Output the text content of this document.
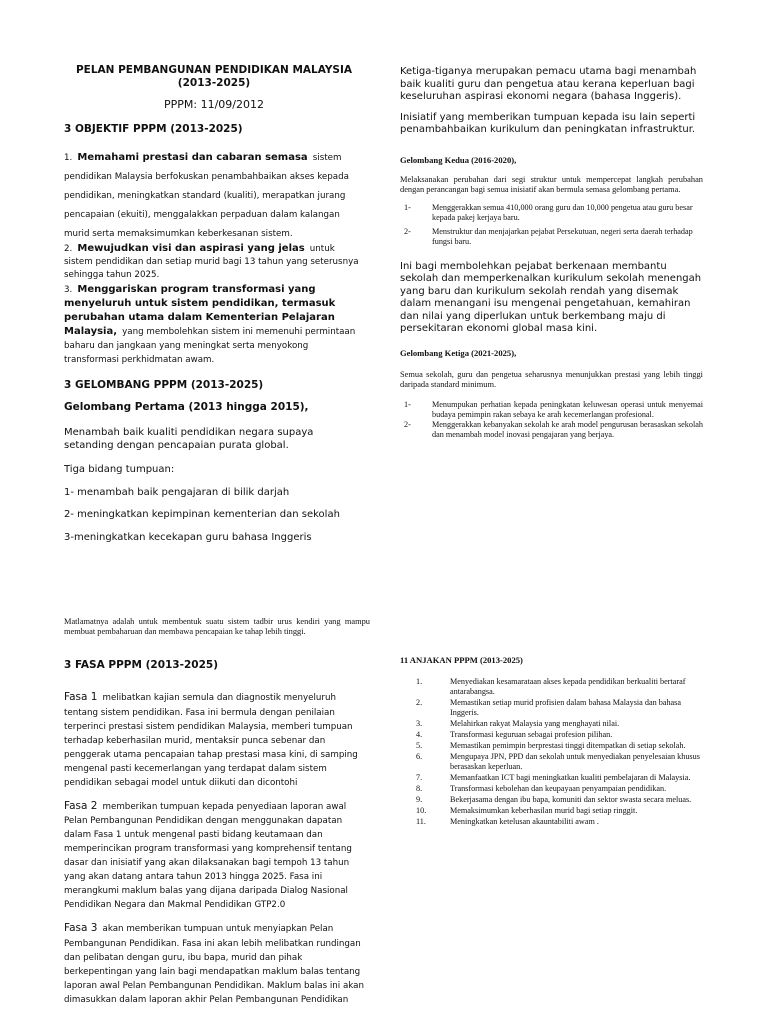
PELAN PEMBANGUNAN PENDIDIKAN MALAYSIA (2013-2025)
PPPM: 11/09/2012
3 OBJEKTIF PPPM (2013-2025)
1. Memahami prestasi dan cabaran semasa sistem pendidikan Malaysia berfokuskan penambahbaikan akses kepada pendidikan, meningkatkan standard (kualiti), merapatkan jurang pencapaian (ekuiti), menggalakkan perpaduan dalam kalangan murid serta memaksimumkan keberkesanan sistem.
2. Mewujudkan visi dan aspirasi yang jelas untuk sistem pendidikan dan setiap murid bagi 13 tahun yang seterusnya sehingga tahun 2025.
3. Menggariskan program transformasi yang menyeluruh untuk sistem pendidikan, termasuk perubahan utama dalam Kementerian Pelajaran Malaysia, yang membolehkan sistem ini memenuhi permintaan baharu dan jangkaan yang meningkat serta menyokong transformasi perkhidmatan awam.
3 GELOMBANG PPPM (2013-2025)
Gelombang Pertama (2013 hingga 2015),
Menambah baik kualiti pendidikan negara supaya setanding dengan pencapaian purata global.
Tiga bidang tumpuan:
1- menambah baik pengajaran di bilik darjah
2- meningkatkan kepimpinan kementerian dan sekolah
3-meningkatkan kecekapan guru bahasa Inggeris
Matlamatnya adalah untuk membentuk suatu sistem tadbir urus kendiri yang mampu membuat pembaharuan dan membawa pencapaian ke tahap lebih tinggi.
Ketiga-tiganya merupakan pemacu utama bagi menambah baik kualiti guru dan pengetua atau kerana keperluan bagi keseluruhan aspirasi ekonomi negara (bahasa Inggeris).
Inisiatif yang memberikan tumpuan kepada isu lain seperti penambahbaikan kurikulum dan peningkatan infrastruktur.
Gelombang Kedua (2016-2020),
Melaksanakan perubahan dari segi struktur untuk mempercepat langkah perubahan dengan perancangan bagi semua inisiatif akan bermula semasa gelombang pertama.
1-	Menggerakkan semua 410,000 orang guru dan 10,000 pengetua atau guru besar kepada pakej kerjaya baru.
2-	Menstruktur dan menjajarkan pejabat Persekutuan, negeri serta daerah terhadap fungsi baru.
Ini bagi membolehkan pejabat berkenaan membantu sekolah dan memperkenalkan kurikulum sekolah menengah yang baru dan kurikulum sekolah rendah yang disemak dalam menangani isu mengenai pengetahuan, kemahiran dan nilai yang diperlukan untuk berkembang maju di persekitaran ekonomi global masa kini.
Gelombang Ketiga (2021-2025),
Semua sekolah, guru dan pengetua seharusnya menunjukkan prestasi yang lebih tinggi daripada standard minimum.
1-	Menumpukan perhatian kepada peningkatan keluwesan operasi untuk menyemai budaya pemimpin rakan sebaya ke arah kecemerlangan profesional.
2-	Menggerakkan kebanyakan sekolah ke arah model pengurusan berasaskan sekolah dan menambah model inovasi pengajaran yang berjaya.
3 FASA PPPM (2013-2025)
Fasa 1 melibatkan kajian semula dan diagnostik menyeluruh tentang sistem pendidikan. Fasa ini bermula dengan penilaian terperinci prestasi sistem pendidikan Malaysia, memberi tumpuan terhadap keberhasilan murid, mentaksir punca sebenar dan penggerak utama pencapaian tahap prestasi masa kini, di samping mengenal pasti kecemerlangan yang terdapat dalam sistem pendidikan sebagai model untuk diikuti dan dicontohi
Fasa 2 memberikan tumpuan kepada penyediaan laporan awal Pelan Pembangunan Pendidikan dengan menggunakan dapatan dalam Fasa 1 untuk mengenal pasti bidang keutamaan dan memperincikan program transformasi yang komprehensif tentang dasar dan inisiatif yang akan dilaksanakan bagi tempoh 13 tahun yang akan datang antara tahun 2013 hingga 2025. Fasa ini merangkumi maklum balas yang dijana daripada Dialog Nasional Pendidikan Negara dan Makmal Pendidikan GTP2.0
Fasa 3 akan memberikan tumpuan untuk menyiapkan Pelan Pembangunan Pendidikan. Fasa ini akan lebih melibatkan rundingan dan pelibatan dengan guru, ibu bapa, murid dan pihak berkepentingan yang lain bagi mendapatkan maklum balas tentang laporan awal Pelan Pembangunan Pendidikan. Maklum balas ini akan dimasukkan dalam laporan akhir Pelan Pembangunan Pendidikan
11 ANJAKAN PPPM (2013-2025)
1.	Menyediakan kesamarataan akses kepada pendidikan berkualiti bertaraf antarabangsa.
2.	Memastikan setiap murid profisien dalam bahasa Malaysia dan bahasa Inggeris.
3.	Melahirkan rakyat Malaysia yang menghayati nilai.
4.	Transformasi keguruan sebagai profesion pilihan.
5.	Memastikan pemimpin berprestasi tinggi ditempatkan di setiap sekolah.
6.	Mengupaya JPN, PPD dan sekolah untuk menyediakan penyelesaian khusus berasaskan keperluan.
7.	Memanfaatkan ICT bagi meningkatkan kualiti pembelajaran di Malaysia.
8.	Transformasi kebolehan dan keupayaan penyampaian pendidikan.
9.	Bekerjasama dengan ibu bapa, komuniti dan sektor swasta secara meluas.
10.	Memaksimumkan keberhasilan murid bagi setiap ringgit.
11.	Meningkatkan ketelusan akauntabiliti awam .
